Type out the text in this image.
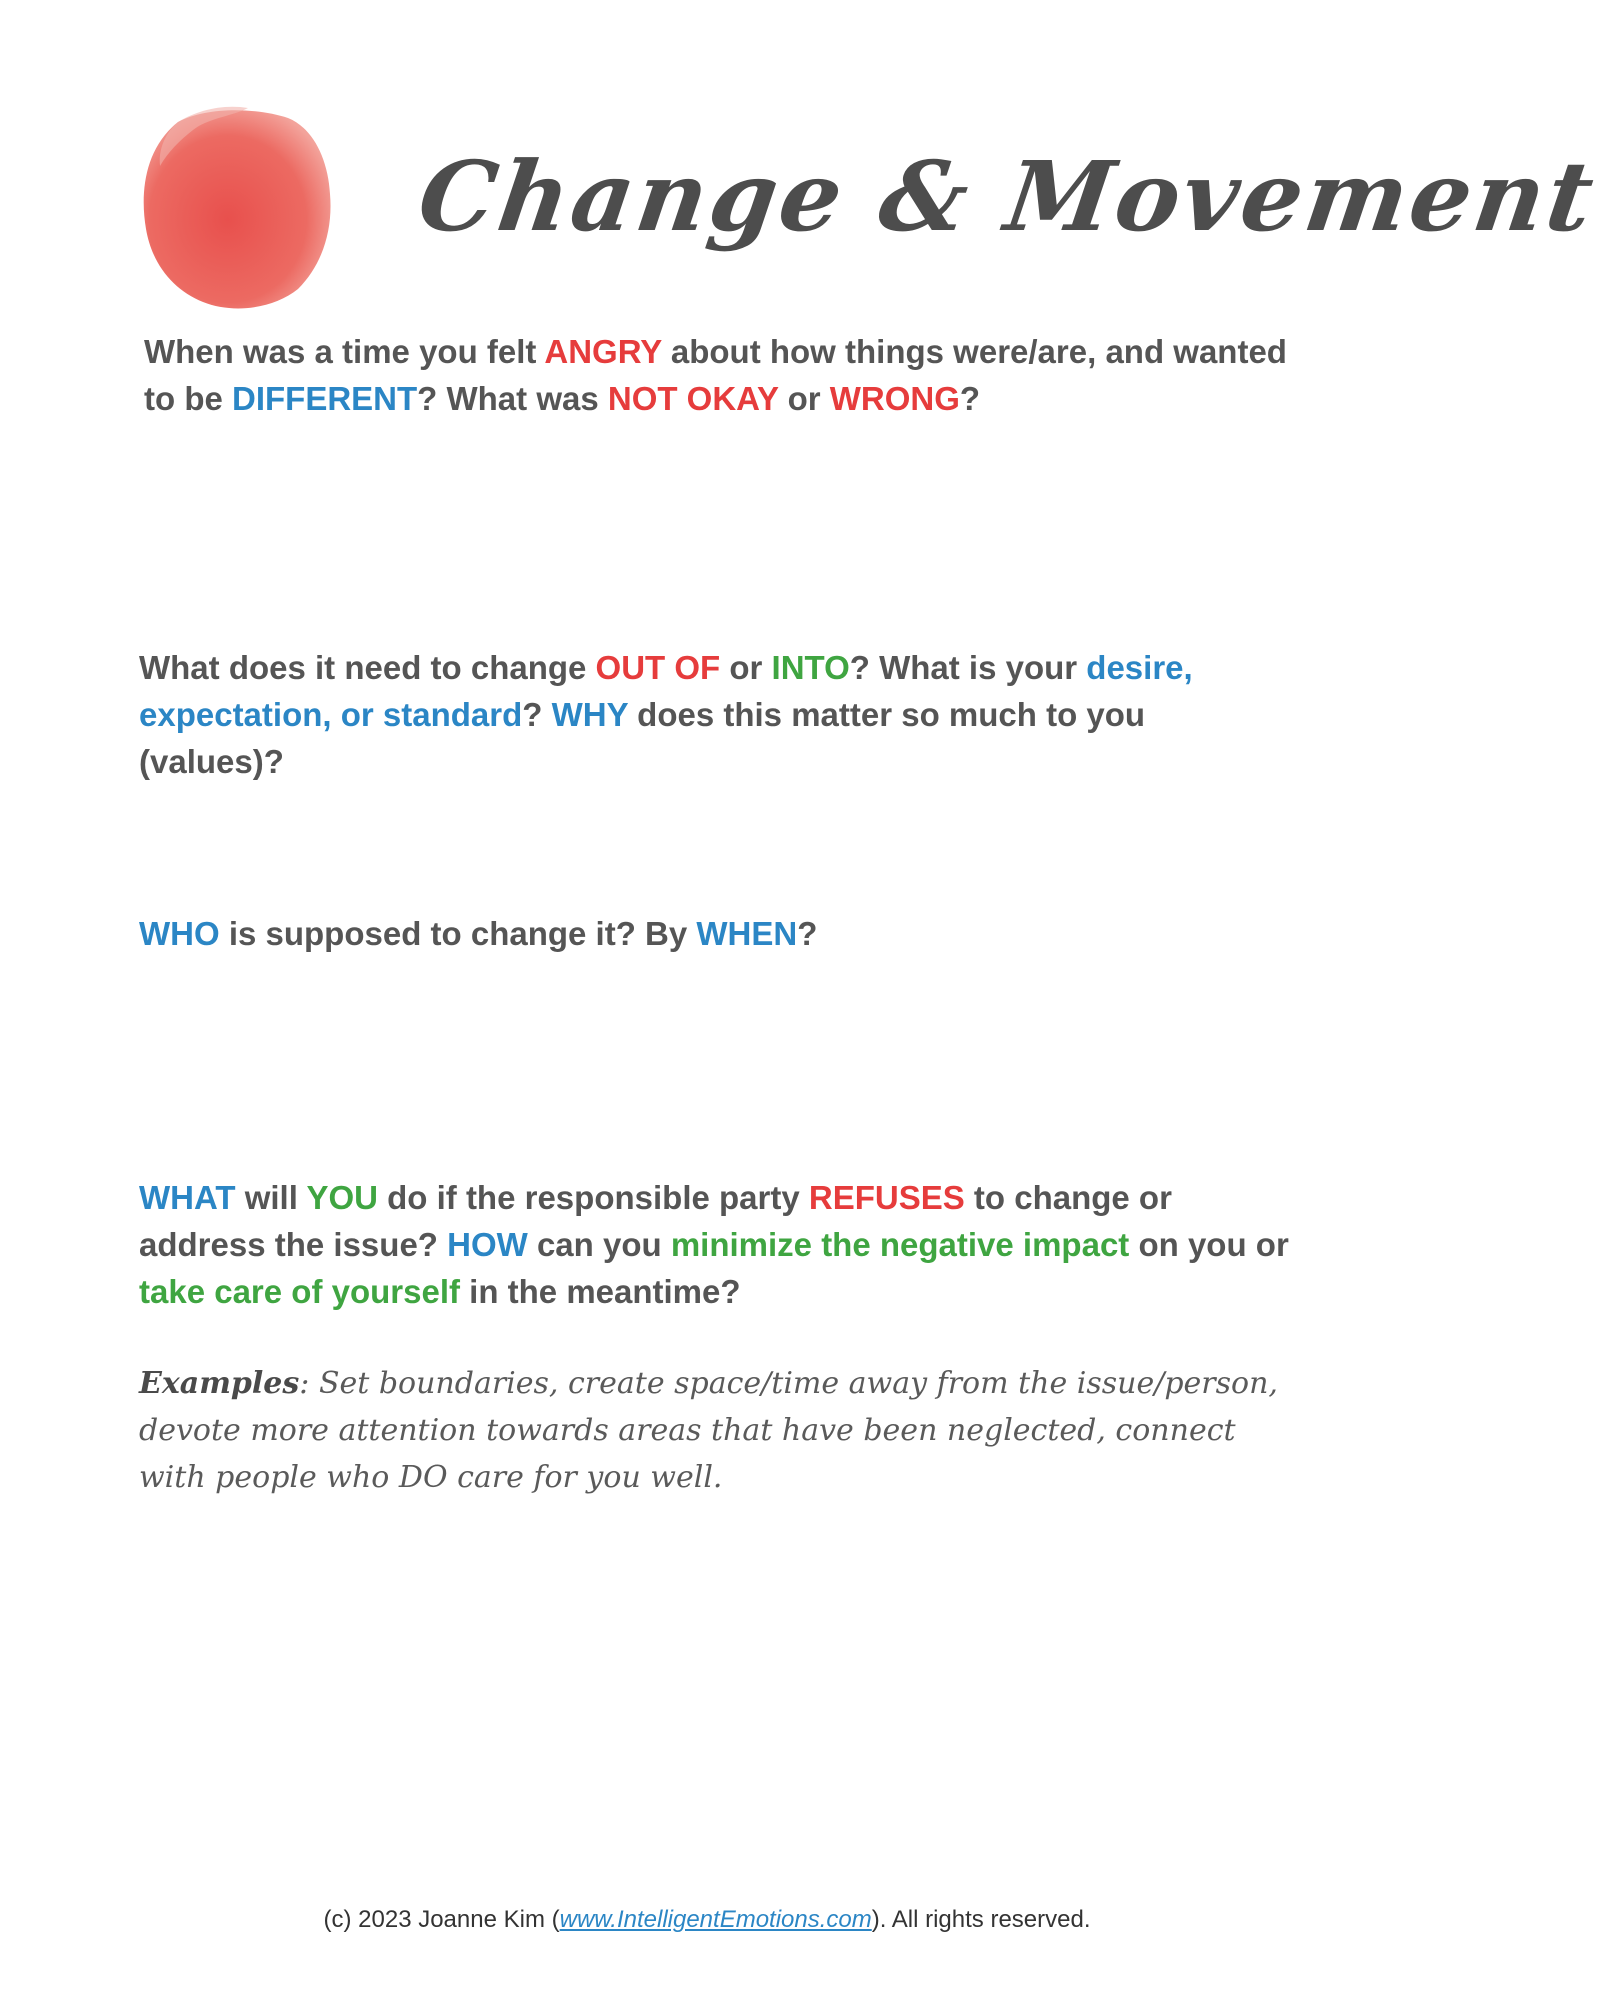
Change & Movement
When was a time you felt ANGRY about how things were/are, and wanted to be DIFFERENT? What was NOT OKAY or WRONG?
What does it need to change OUT OF or INTO? What is your desire, expectation, or standard? WHY does this matter so much to you (values)?
WHO is supposed to change it? By WHEN?
WHAT will YOU do if the responsible party REFUSES to change or address the issue? HOW can you minimize the negative impact on you or take care of yourself in the meantime?
Examples: Set boundaries, create space/time away from the issue/person, devote more attention towards areas that have been neglected, connect with people who DO care for you well.
(c) 2023 Joanne Kim (www.IntelligentEmotions.com). All rights reserved.
